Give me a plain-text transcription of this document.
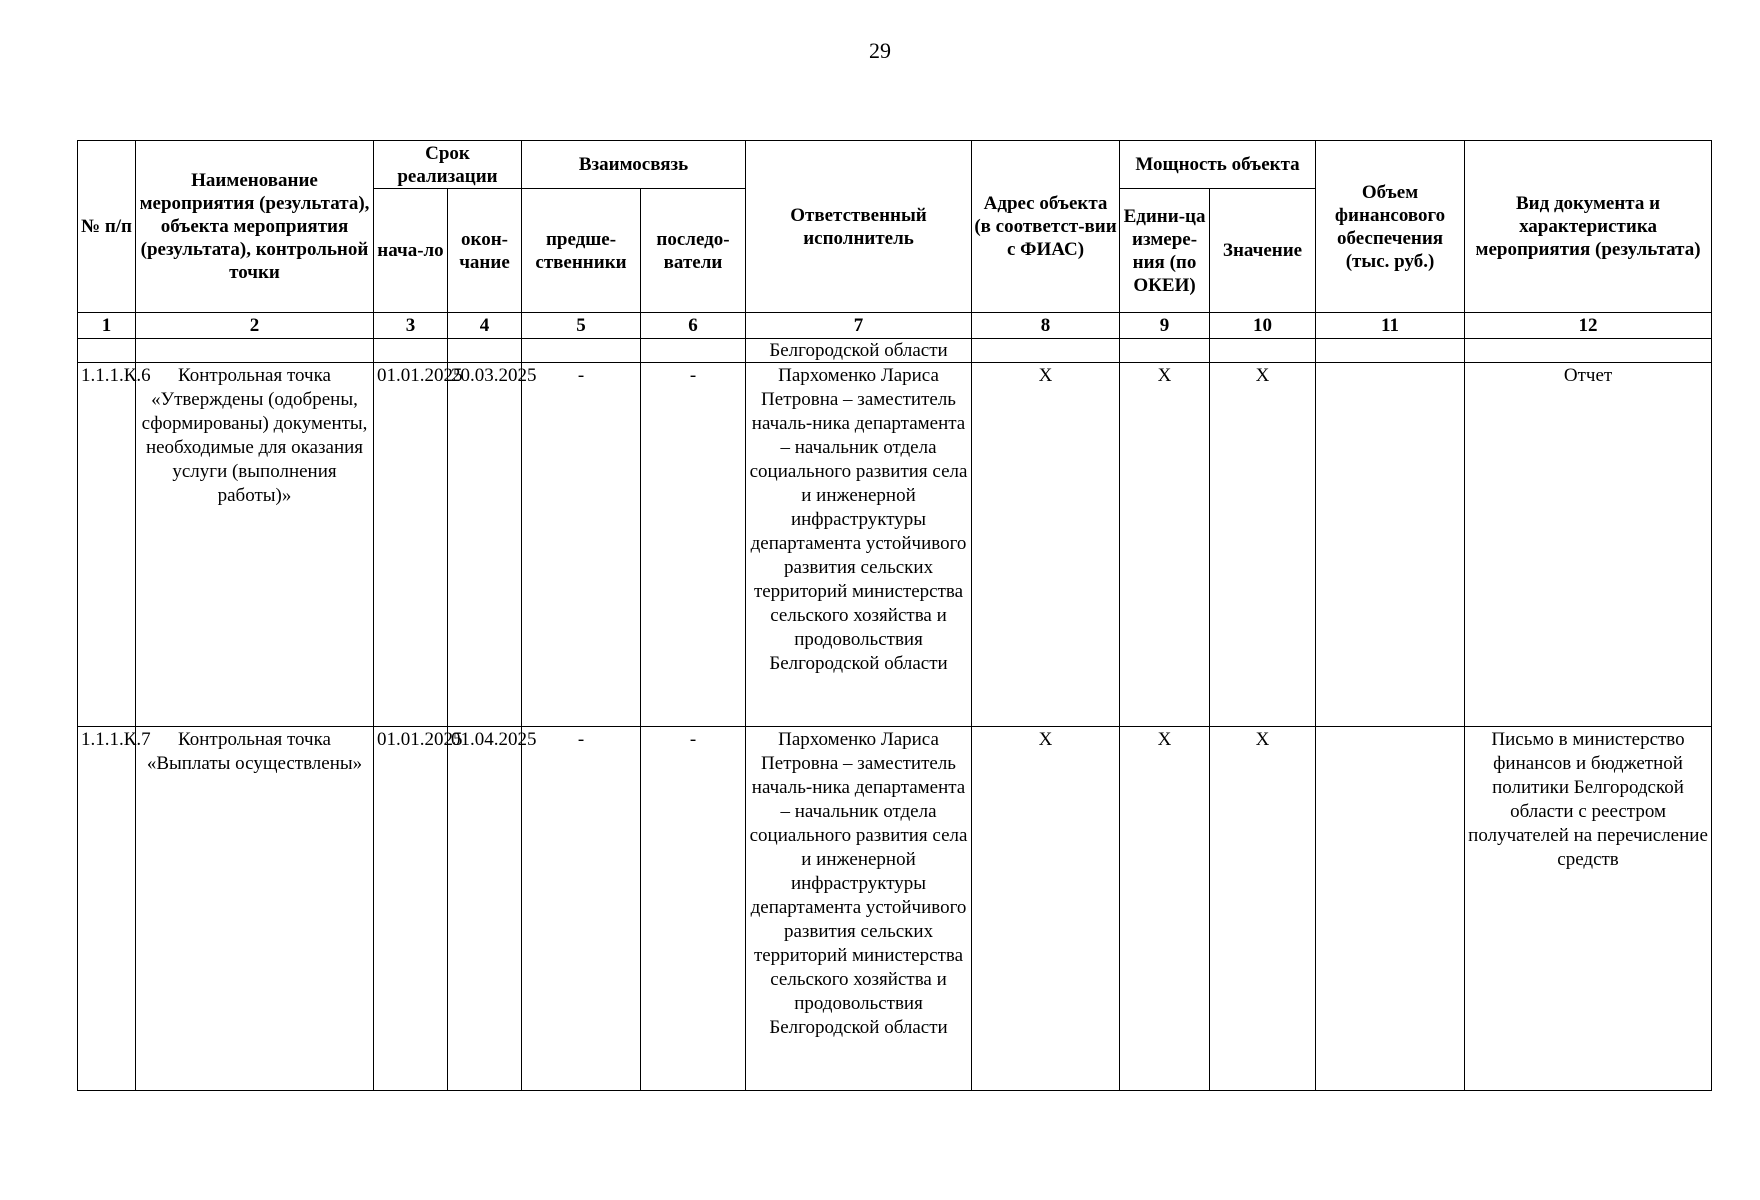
29
№ п/п	Наименование мероприятия (результата), объекта мероприятия (результата), контрольной точки	Срок реализации		Взаимосвязь		Ответственный исполнитель	Адрес объекта (в соответст-вии с ФИАС)	Мощность объекта		Объем финансового обеспечения (тыс. руб.)	Вид документа и характеристика мероприятия (результата)
		нача-ло	окон-чание	предше-ственники	последо-ватели			Едини-ца измере-ния (по ОКЕИ)	Значение		
1	2	3	4	5	6	7	8	9	10	11	12
						Белгородской области					
1.1.1.К.6	Контрольная точка «Утверждены (одобрены, сформированы) документы, необходимые для оказания услуги (выполнения работы)»	01.01.2025	20.03.2025	-	-	Пархоменко Лариса Петровна – заместитель началь-ника департамента – начальник отдела социального развития села и инженерной инфраструктуры департамента устойчивого развития сельских территорий министерства сельского хозяйства и продовольствия Белгородской области	Х	Х	Х		Отчет
1.1.1.К.7	Контрольная точка «Выплаты осуществлены»	01.01.2025	01.04.2025	-	-	Пархоменко Лариса Петровна – заместитель началь-ника департамента – начальник отдела социального развития села и инженерной инфраструктуры департамента устойчивого развития сельских территорий министерства сельского хозяйства и продовольствия Белгородской области	Х	Х	Х		Письмо в министерство финансов и бюджетной политики Белгородской области с реестром получателей на перечисление средств
